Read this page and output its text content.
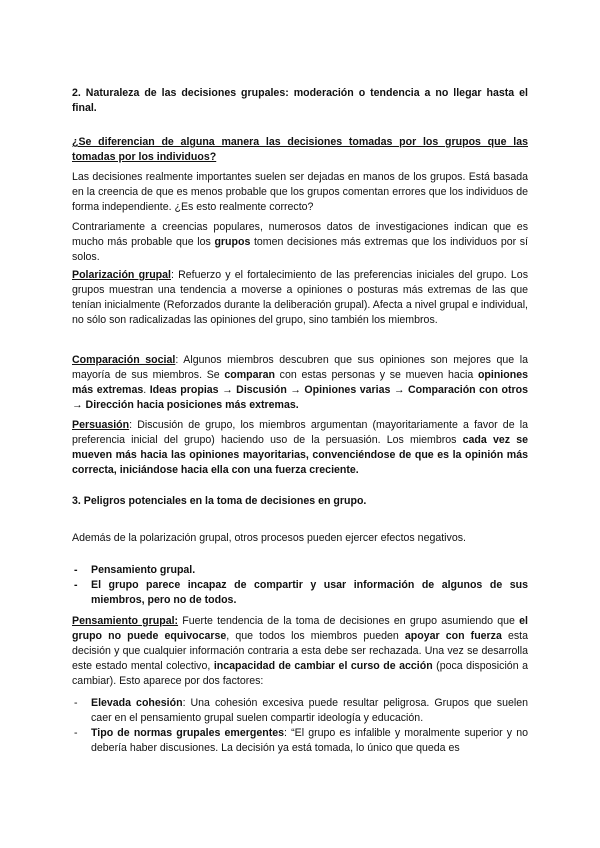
2. Naturaleza de las decisiones grupales: moderación o tendencia a no llegar hasta el final.

¿Se diferencian de alguna manera las decisiones tomadas por los grupos que las tomadas por los individuos?

Las decisiones realmente importantes suelen ser dejadas en manos de los grupos. Está basada en la creencia de que es menos probable que los grupos comentan errores que los individuos de forma independiente. ¿Es esto realmente correcto?

Contrariamente a creencias populares, numerosos datos de investigaciones indican que es mucho más probable que los grupos tomen decisiones más extremas que los individuos por sí solos.

Polarización grupal: Refuerzo y el fortalecimiento de las preferencias iniciales del grupo. Los grupos muestran una tendencia a moverse a opiniones o posturas más extremas de las que tenían inicialmente (Reforzados durante la deliberación grupal). Afecta a nivel grupal e individual, no sólo son radicalizadas las opiniones del grupo, sino también los miembros.

Comparación social: Algunos miembros descubren que sus opiniones son mejores que la mayoría de sus miembros. Se comparan con estas personas y se mueven hacia opiniones más extremas. Ideas propias → Discusión → Opiniones varias → Comparación con otros → Dirección hacia posiciones más extremas.

Persuasión: Discusión de grupo, los miembros argumentan (mayoritariamente a favor de la preferencia inicial del grupo) haciendo uso de la persuasión. Los miembros cada vez se mueven más hacia las opiniones mayoritarias, convenciéndose de que es la opinión más correcta, iniciándose hacia ella con una fuerza creciente.

3. Peligros potenciales en la toma de decisiones en grupo.

Además de la polarización grupal, otros procesos pueden ejercer efectos negativos.

- Pensamiento grupal.
- El grupo parece incapaz de compartir y usar información de algunos de sus miembros, pero no de todos.

Pensamiento grupal: Fuerte tendencia de la toma de decisiones en grupo asumiendo que el grupo no puede equivocarse, que todos los miembros pueden apoyar con fuerza esta decisión y que cualquier información contraria a esta debe ser rechazada. Una vez se desarrolla este estado mental colectivo, incapacidad de cambiar el curso de acción (poca disposición a cambiar). Esto aparece por dos factores:

- Elevada cohesión: Una cohesión excesiva puede resultar peligrosa. Grupos que suelen caer en el pensamiento grupal suelen compartir ideología y educación.
- Tipo de normas grupales emergentes: “El grupo es infalible y moralmente superior y no debería haber discusiones. La decisión ya está tomada, lo único que queda es
